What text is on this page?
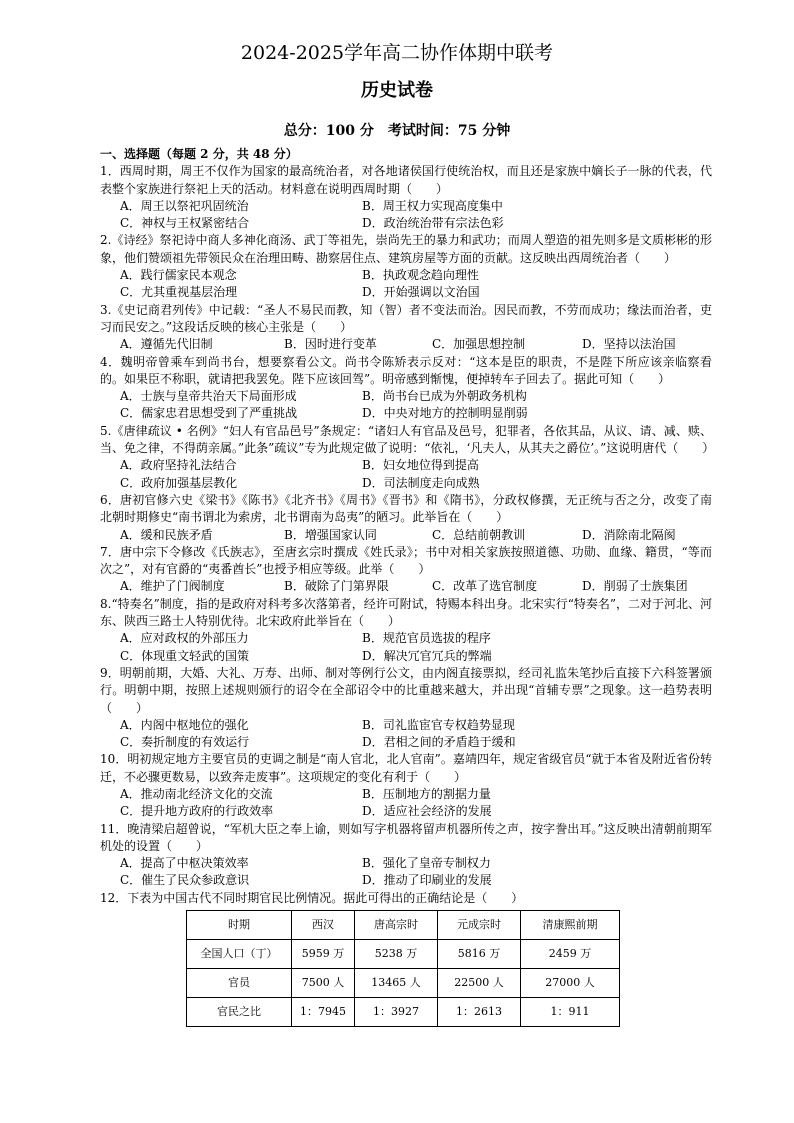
2024-2025学年高二协作体期中联考
历史试卷
总分：100 分　考试时间：75 分钟
一、选择题（每题 2 分，共 48 分）

1．西周时期，周王不仅作为国家的最高统治者，对各地诸侯国行使统治权，而且还是家族中嫡长子一脉的代表，代表整个家族进行祭祀上天的活动。材料意在说明西周时期（　　）

A．周王以祭祀巩固统治	B．周王权力实现高度集中
C．神权与王权紧密结合	D．政治统治带有宗法色彩

2.《诗经》祭祀诗中商人多神化商汤、武丁等祖先，崇尚先王的暴力和武功；而周人塑造的祖先则多是文质彬彬的形象，他们赞颂祖先带领民众在治理田畴、勘察居住点、建筑房屋等方面的贡献。这反映出西周统治者（　　）

A．践行儒家民本观念	B．执政观念趋向理性
C．尤其重视基层治理	D．开始强调以文治国

3.《史记商君列传》中记载：“圣人不易民而教，知（智）者不变法而治。因民而教，不劳而成功；缘法而治者，吏习而民安之。”这段话反映的核心主张是（　　）

A．遵循先代旧制	B．因时进行变革	C．加强思想控制	D．坚持以法治国

4．魏明帝曾乘车到尚书台，想要察看公文。尚书令陈矫表示反对：“这本是臣的职责，不是陛下所应该亲临察看的。如果臣不称职，就请把我罢免。陛下应该回驾”。明帝感到惭愧，便掉转车子回去了。据此可知（　　）

A．士族与皇帝共治天下局面形成	B．尚书台已成为外朝政务机构
C．儒家忠君思想受到了严重挑战	D．中央对地方的控制明显削弱

5.《唐律疏议 • 名例》“妇人有官品邑号”条规定：“诸妇人有官品及邑号，犯罪者，各依其品，从议、请、减、赎、当、免之律，不得荫亲属。”此条”疏议”专为此规定做了说明：“依礼，‘凡夫人，从其夫之爵位’。”这说明唐代（　　）

A．政府坚持礼法结合	B．妇女地位得到提高
C．政府加强基层教化	D．司法制度走向成熟

6．唐初官修六史《梁书》《陈书》《北齐书》《周书》《晋书》和《隋书》，分政权修撰，无正统与否之分，改变了南北朝时期修史“南书谓北为索虏，北书谓南为岛夷”的陋习。此举旨在（　　）

A．缓和民族矛盾	B．增强国家认同	C．总结前朝教训	D．消除南北隔阂

7．唐中宗下令修改《氏族志》，至唐玄宗时撰成《姓氏录》；书中对相关家族按照道德、功勋、血缘、籍贯，“等而次之”，对有官爵的“夷番酋长”也授予相应等级。此举（　　）

A．维护了门阀制度	B．破除了门第界限	C．改革了选官制度	D．削弱了士族集团

8.“特奏名”制度，指的是政府对科考多次落第者，经许可附试，特赐本科出身。北宋实行“特奏名”，二对于河北、河东、陕西三路士人特别优待。北宋政府此举旨在（　　）

A．应对政权的外部压力	B．规范官员选拔的程序
C．体现重文轻武的国策	D．解决冗官冗兵的弊端

9．明朝前期，大婚、大礼、万寿、出师、制对等例行公文，由内阁直接票拟，经司礼监朱笔抄后直接下六科签署颁行。明朝中期，按照上述规则颁行的诏令在全部诏令中的比重越来越大，并出现“首辅专票”之现象。这一趋势表明（　　）

A．内阁中枢地位的强化	B．司礼监宦官专权趋势显现
C．奏折制度的有效运行	D．君相之间的矛盾趋于缓和

10．明初规定地方主要官员的吏调之制是“南人官北，北人官南”。嘉靖四年，规定省级官员“就于本省及附近省份转迁，不必骤更数易，以致奔走废事”。这项规定的变化有利于（　　）

A．推动南北经济文化的交流	B．压制地方的割据力量
C．提升地方政府的行政效率	D．适应社会经济的发展

11．晚清梁启超曾说，“军机大臣之奉上谕，则如写字机器将留声机器所传之声，按字誊出耳。”这反映出清朝前期军机处的设置（　　）

A．提高了中枢决策效率	B．强化了皇帝专制权力
C．催生了民众参政意识	D．推动了印刷业的发展

12．下表为中国古代不同时期官民比例情况。据此可得出的正确结论是（　　）

时期	西汉	唐高宗时	元成宗时	清康熙前期
全国人口（丁）	5959 万	5238 万	5816 万	2459 万
官员	7500 人	13465 人	22500 人	27000 人
官民之比	1：7945	1：3927	1：2613	1：911
